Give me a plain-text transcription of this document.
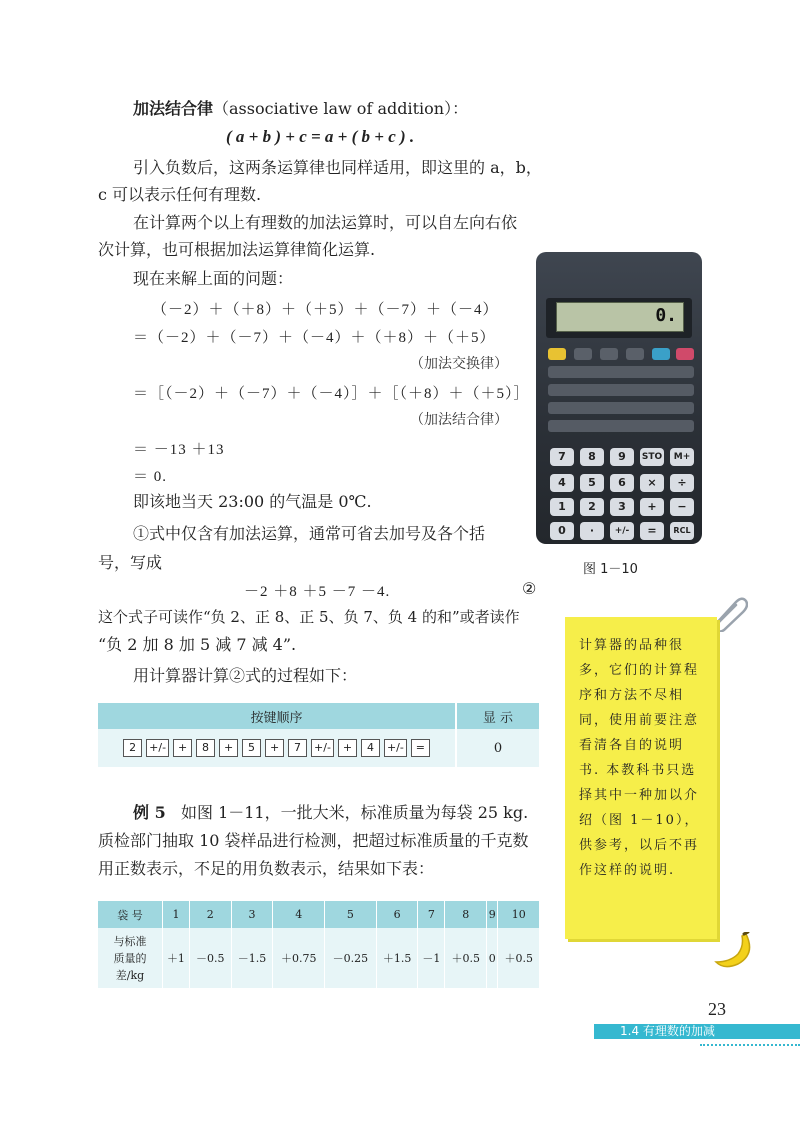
加法结合律（associative law of addition）：
( a + b ) + c = a + ( b + c ) .
引入负数后，这两条运算律也同样适用，即这里的 a，b，
c 可以表示任何有理数.
在计算两个以上有理数的加法运算时，可以自左向右依
次计算，也可根据加法运算律简化运算.
现在来解上面的问题：
（－2）＋（＋8）＋（＋5）＋（－7）＋（－4）
＝（－2）＋（－7）＋（－4）＋（＋8）＋（＋5）
（加法交换律）
＝［（－2）＋（－7）＋（－4）］＋［（＋8）＋（＋5）］
（加法结合律）
＝ －13 ＋13
＝ 0.
即该地当天 23:00 的气温是 0℃.
①式中仅含有加法运算，通常可省去加号及各个括
号，写成
－2 ＋8 ＋5 －7 －4.	②
这个式子可读作“负 2、正 8、正 5、负 7、负 4 的和”或者读作
“负 2 加 8 加 5 减 7 减 4”.
用计算器计算②式的过程如下：
按键顺序	显 示
2 +/- + 8 + 5 + 7 +/- + 4 +/- =	0
例 5 如图 1－11，一批大米，标准质量为每袋 25 kg.
质检部门抽取 10 袋样品进行检测，把超过标准质量的千克数
用正数表示，不足的用负数表示，结果如下表：
袋 号	1	2	3	4	5	6	7	8	9	10

与标准
质量的
差/kg	＋1	－0.5	－1.5	＋0.75	－0.25	＋1.5	－1	＋0.5	0	＋0.5
0.
7	8	9	STO	M+
4	5	6	×	÷
1	2	3	+	−
0	·	+/-	=	RCL
图 1－10
计算器的品种很多，它们的计算程序和方法不尽相同，使用前要注意看清各自的说明书. 本教科书只选择其中一种加以介绍（图 1－10），供参考，以后不再作这样的说明.
23
1.4 有理数的加减
